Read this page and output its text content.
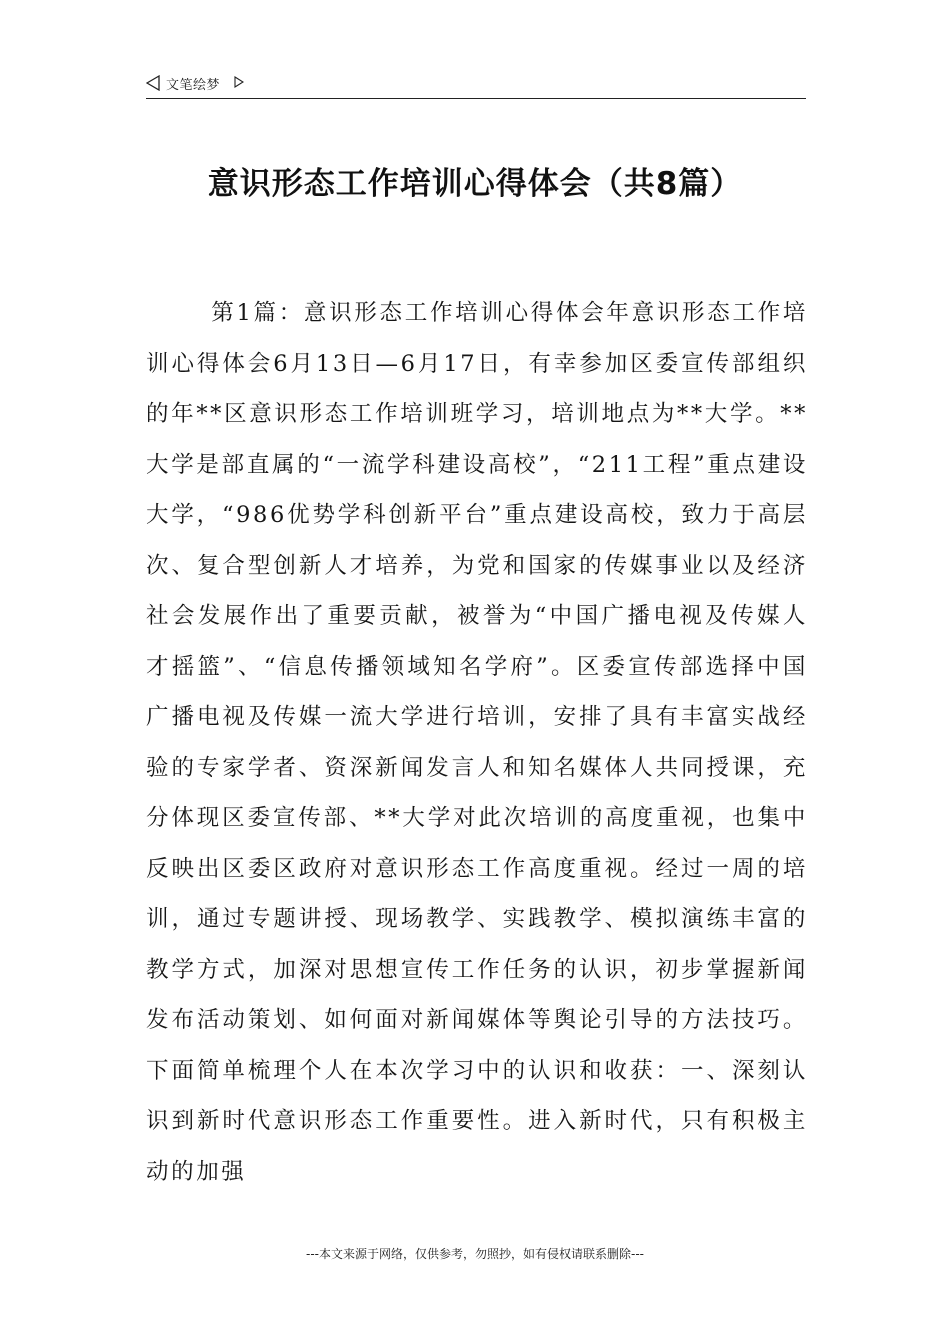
文笔绘梦
意识形态工作培训心得体会（共8篇）

第1篇：意识形态工作培训心得体会年意识形态工作培训心得体会6月13日—6月17日，有幸参加区委宣传部组织的年**区意识形态工作培训班学习，培训地点为**大学。**大学是部直属的“一流学科建设高校”，“211工程”重点建设大学，“986优势学科创新平台”重点建设高校，致力于高层次、复合型创新人才培养，为党和国家的传媒事业以及经济社会发展作出了重要贡献，被誉为“中国广播电视及传媒人才摇篮”、“信息传播领域知名学府”。区委宣传部选择中国广播电视及传媒一流大学进行培训，安排了具有丰富实战经验的专家学者、资深新闻发言人和知名媒体人共同授课，充分体现区委宣传部、**大学对此次培训的高度重视，也集中反映出区委区政府对意识形态工作高度重视。经过一周的培训，通过专题讲授、现场教学、实践教学、模拟演练丰富的教学方式，加深对思想宣传工作任务的认识，初步掌握新闻发布活动策划、如何面对新闻媒体等舆论引导的方法技巧。下面简单梳理个人在本次学习中的认识和收获：一、深刻认识到新时代意识形态工作重要性。进入新时代，只有积极主动的加强

---本文来源于网络，仅供参考，勿照抄，如有侵权请联系删除---
